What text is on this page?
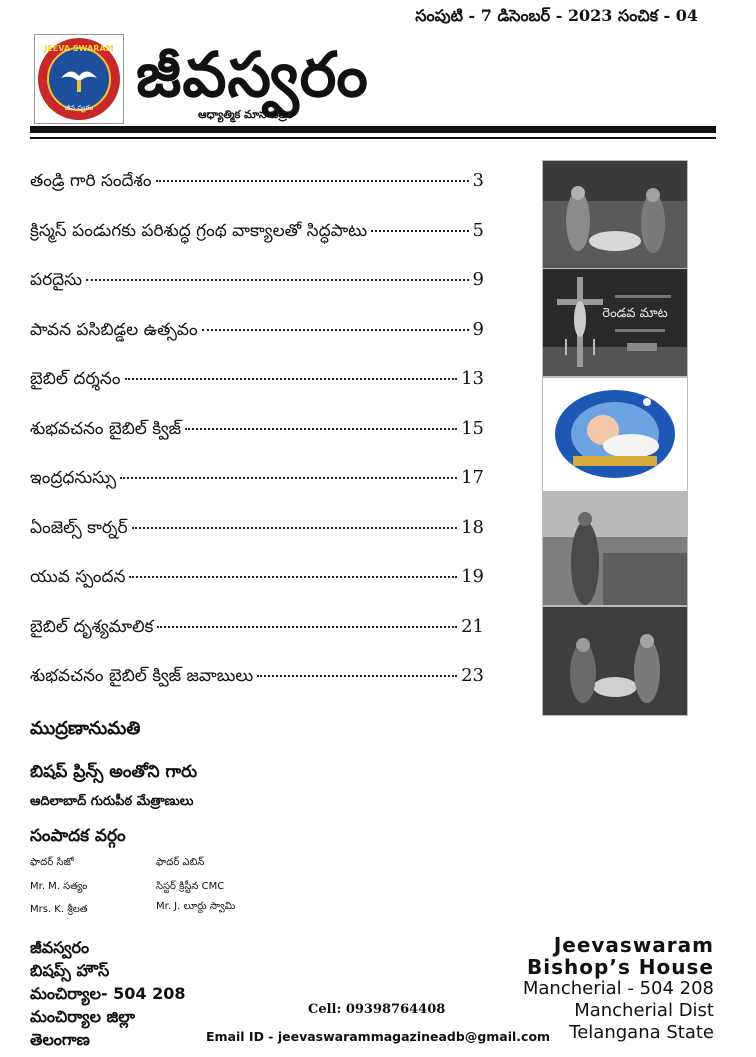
సంపుటి - 7 డిసెంబర్ - 2023 సంచిక - 04
JEEVA SWARAM
జీవ స్వరం జీవస్వరం
ఆధ్యాత్మిక మాస పత్రిక
తండ్రి గారి సందేశం	3
క్రిస్మస్ పండుగకు పరిశుద్ధ గ్రంథ వాక్యాలతో సిద్ధపాటు	5
పరదైసు	9
పావన పసిబిడ్డల ఉత్సవం	9
బైబిల్ దర్శనం	13
శుభవచనం బైబిల్ క్విజ్	15
ఇంద్రధనుస్సు	17
ఏంజెల్స్ కార్నర్	18
యువ స్పందన	19
బైబిల్ దృశ్యమాలిక	21
శుభవచనం బైబిల్ క్విజ్ జవాబులు	23
రెండవ మాట
ముద్రణానుమతి
బిషప్ ప్రిన్స్ అంతోని గారు
ఆదిలాబాద్ గురుపీఠ మేత్రాణులు
సంపాదక వర్గం
ఫాదర్ సిజో
Mr. M. సత్యం
Mrs. K. శ్రీలత
ఫాదర్ ఎబిన్
సిస్టర్ క్రిస్టీన CMC
Mr. J. లూర్దు స్వామి
జీవస్వరం
బిషప్స్ హౌస్
మంచిర్యాల- 504 208
మంచిర్యాల జిల్లా
తెలంగాణ
Jeevaswaram
Bishop’s House
Mancherial - 504 208
Mancherial Dist
Telangana State
Cell: 09398764408
Email ID - jeevaswarammagazineadb@gmail.com
